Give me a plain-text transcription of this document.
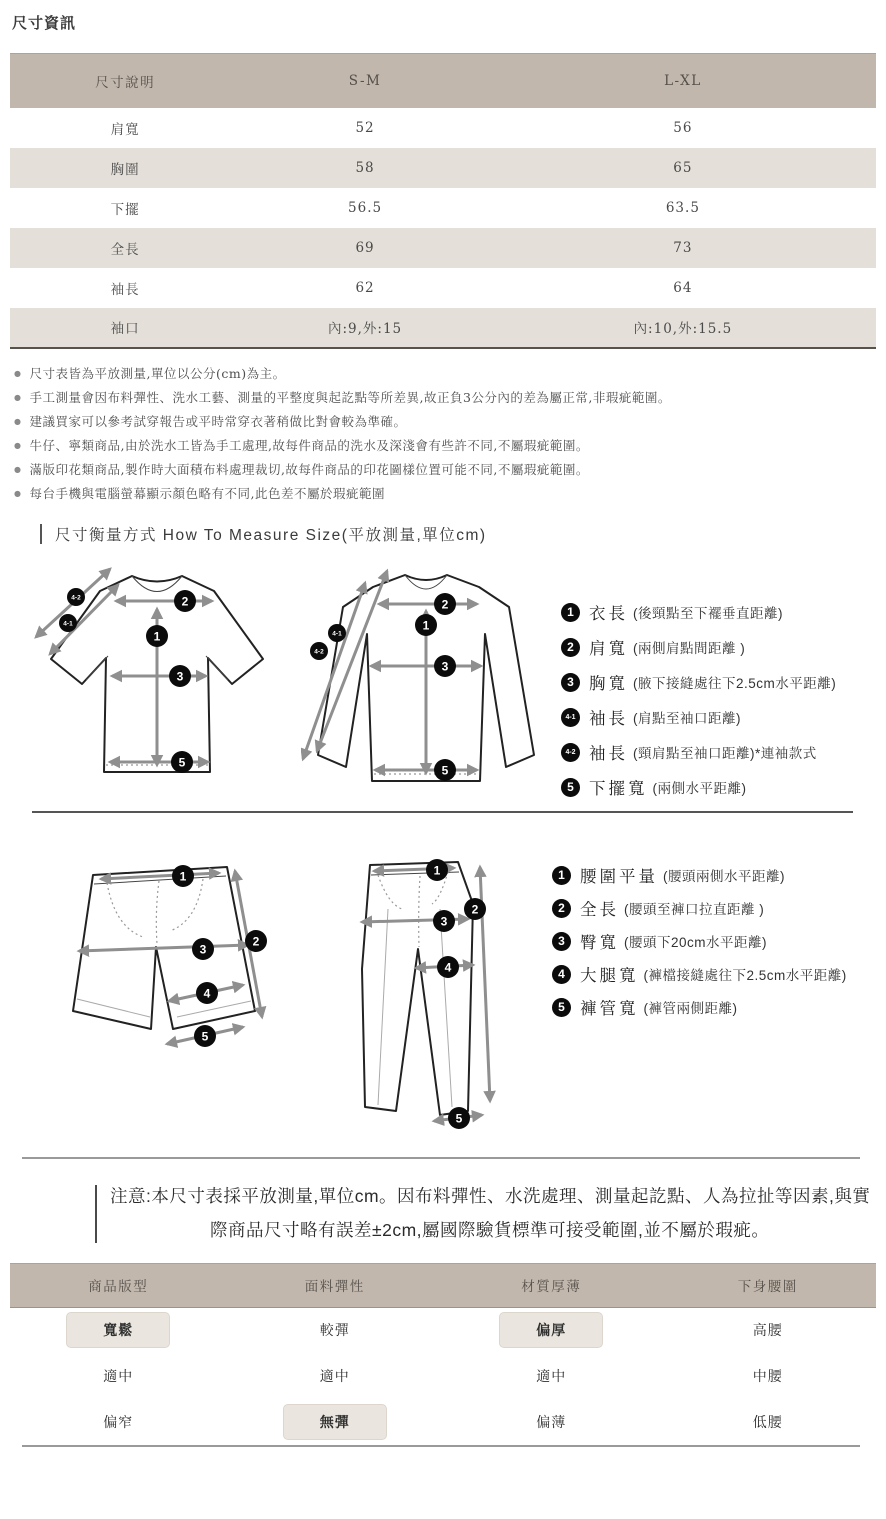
尺寸資訊
尺寸說明	S-M	L-XL
肩寬	52	56
胸圍	58	65
下擺	56.5	63.5
全長	69	73
袖長	62	64
袖口	內:9,外:15	內:10,外:15.5
● 尺寸表皆為平放測量,單位以公分(cm)為主。
● 手工測量會因布料彈性、洗水工藝、測量的平整度與起訖點等所差異,故正負3公分內的差為屬正常,非瑕疵範圍。
● 建議買家可以參考試穿報告或平時常穿衣著稍做比對會較為準確。
● 牛仔、寧類商品,由於洗水工皆為手工處理,故每件商品的洗水及深淺會有些許不同,不屬瑕疵範圍。
● 滿版印花類商品,製作時大面積布料處理裁切,故每件商品的印花圖樣位置可能不同,不屬瑕疵範圍。
● 每台手機與電腦螢幕顯示顏色略有不同,此色差不屬於瑕疵範圍
尺寸衡量方式 How To Measure Size(平放測量,單位cm)
4-2
4-1
2
1
3
5
4-1
4-2
2
1
3
5
1 衣長 (後頸點至下襬垂直距離)
2 肩寬 (兩側肩點間距離 )
3 胸寬 (腋下接縫處往下2.5cm水平距離)
4-1 袖長 (肩點至袖口距離)
4-2 袖長 (頸肩點至袖口距離)*連袖款式
5 下擺寬 (兩側水平距離)
1
2
3
4
5
1
2
3
4
5
1 腰圍平量 (腰頭兩側水平距離)
2 全長 (腰頭至褲口拉直距離 )
3 臀寬 (腰頭下20cm水平距離)
4 大腿寬 (褲檔接縫處往下2.5cm水平距離)
5 褲管寬 (褲管兩側距離)

注意:本尺寸表採平放測量,單位cm。因布料彈性、水洗處理、測量起訖點、人為拉扯等因素,與實際商品尺寸略有誤差±2cm,屬國際驗貨標準可接受範圍,並不屬於瑕疵。

商品版型	面料彈性	材質厚薄	下身腰圍
寬鬆	較彈	偏厚	高腰
適中	適中	適中	中腰
偏窄	無彈	偏薄	低腰
